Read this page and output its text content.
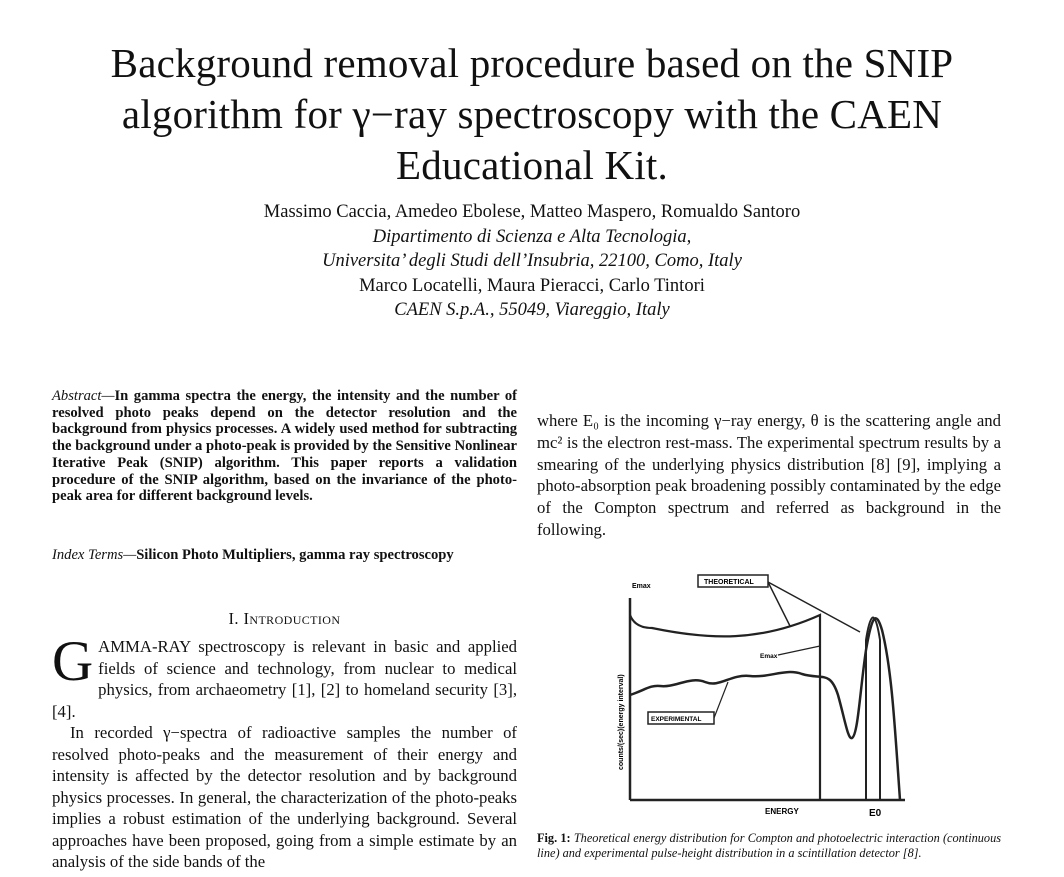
Background removal procedure based on the SNIP
algorithm for γ−ray spectroscopy with the CAEN
Educational Kit.
Massimo Caccia, Amedeo Ebolese, Matteo Maspero, Romualdo Santoro
Dipartimento di Scienza e Alta Tecnologia,
Universita’ degli Studi dell’Insubria, 22100, Como, Italy
Marco Locatelli, Maura Pieracci, Carlo Tintori
CAEN S.p.A., 55049, Viareggio, Italy
Abstract—In gamma spectra the energy, the intensity and the number of resolved photo peaks depend on the detector resolution and the background from physics processes. A widely used method for subtracting the background under a photo-peak is provided by the Sensitive Nonlinear Iterative Peak (SNIP) algorithm. This paper reports a validation procedure of the SNIP algorithm, based on the invariance of the photo-peak area for different background levels.
Index Terms—Silicon Photo Multipliers, gamma ray spectroscopy
I. Introduction

GAMMA-RAY spectroscopy is relevant in basic and applied fields of science and technology, from nuclear to medical physics, from archaeometry [1], [2] to homeland security [3], [4].

In recorded γ−spectra of radioactive samples the number of resolved photo-peaks and the measurement of their energy and intensity is affected by the detector resolution and by background physics processes. In general, the characterization of the photo-peaks implies a robust estimation of the underlying background. Several approaches have been proposed, going from a simple estimate by an analysis of the side bands of the

where E₀ is the incoming γ−ray energy, θ is the scattering angle and mc² is the electron rest-mass. The experimental spectrum results by a smearing of the underlying physics distribution [8] [9], implying a photo-absorption peak broadening possibly contaminated by the edge of the Compton spectrum and referred as background in the following.

Emax
THEORETICAL
Emax
EXPERIMENTAL
ENERGY	E0
counts/(sec)(energy interval)
Fig. 1: Theoretical energy distribution for Compton and photoelectric interaction (continuous line) and experimental pulse-height distribution in a scintillation detector [8].
